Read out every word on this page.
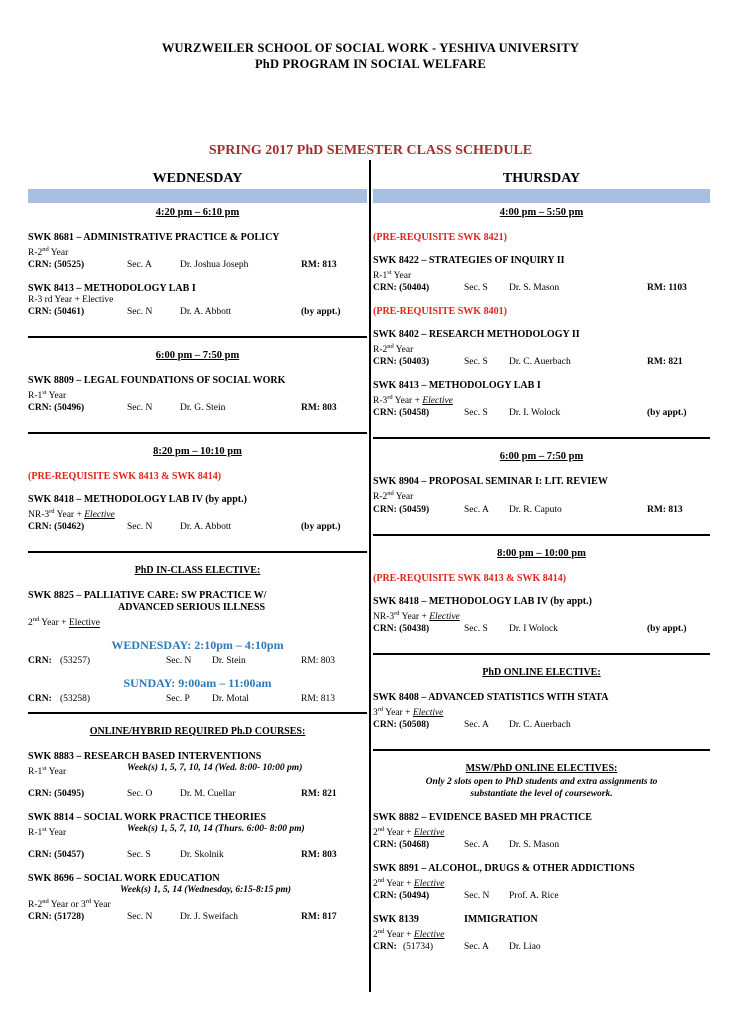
WURZWEILER SCHOOL OF SOCIAL WORK - YESHIVA UNIVERSITY
PhD PROGRAM IN SOCIAL WELFARE
SPRING 2017 PhD SEMESTER CLASS SCHEDULE
WEDNESDAY
4:20 pm – 6:10 pm
SWK 8681 – ADMINISTRATIVE PRACTICE & POLICY
R-2nd Year
CRN: (50525)	Sec. A	Dr. Joshua Joseph	RM: 813
SWK 8413 – METHODOLOGY LAB I
R-3 rd Year + Elective
CRN: (50461)	Sec. N	Dr. A. Abbott	(by appt.)
6:00 pm – 7:50 pm
SWK 8809 – LEGAL FOUNDATIONS OF SOCIAL WORK
R-1st Year
CRN: (50496)	Sec. N	Dr. G. Stein	RM: 803
8:20 pm – 10:10 pm
(PRE-REQUISITE SWK 8413 & SWK 8414)
SWK 8418 – METHODOLOGY LAB IV (by appt.)
NR-3rd Year + Elective
CRN: (50462)	Sec. N	Dr. A. Abbott	(by appt.)
PhD IN-CLASS ELECTIVE:
SWK 8825 – PALLIATIVE CARE: SW PRACTICE W/
ADVANCED SERIOUS ILLNESS
2nd Year + Elective
WEDNESDAY: 2:10pm – 4:10pm
CRN: (53257)	Sec. N Dr. Stein	RM: 803
SUNDAY: 9:00am – 11:00am
CRN: (53258)	Sec. P Dr. Motal	RM: 813
ONLINE/HYBRID REQUIRED Ph.D COURSES:
SWK 8883 – RESEARCH BASED INTERVENTIONS
R-1st Year	Week(s) 1, 5, 7, 10, 14 (Wed. 8:00- 10:00 pm)
CRN: (50495)	Sec. O	Dr. M. Cuellar	RM: 821
SWK 8814 – SOCIAL WORK PRACTICE THEORIES
R-1st Year	Week(s) 1, 5, 7, 10, 14 (Thurs. 6:00- 8:00 pm)
CRN: (50457)	Sec. S	Dr. Skolnik	RM: 803
SWK 8696 – SOCIAL WORK EDUCATION
Week(s) 1, 5, 14 (Wednesday, 6:15-8:15 pm)
R-2nd Year or 3rd Year
CRN: (51728)	Sec. N	Dr. J. Sweifach	RM: 817
THURSDAY
4:00 pm – 5:50 pm
(PRE-REQUISITE SWK 8421)
SWK 8422 – STRATEGIES OF INQUIRY II
R-1st Year
CRN: (50404)	Sec. S Dr. S. Mason	RM: 1103
(PRE-REQUISITE SWK 8401)
SWK 8402 – RESEARCH METHODOLOGY II
R-2nd Year
CRN: (50403)	Sec. S Dr. C. Auerbach	RM: 821
SWK 8413 – METHODOLOGY LAB I
R-3rd Year + Elective
CRN: (50458)	Sec. S Dr. I. Wolock	(by appt.)
6:00 pm – 7:50 pm
SWK 8904 – PROPOSAL SEMINAR I: LIT. REVIEW
R-2nd Year
CRN: (50459)	Sec. A Dr. R. Caputo	RM: 813
8:00 pm – 10:00 pm
(PRE-REQUISITE SWK 8413 & SWK 8414)
SWK 8418 – METHODOLOGY LAB IV (by appt.)
NR-3rd Year + Elective
CRN: (50438)	Sec. S Dr. I Wolock	(by appt.)
PhD ONLINE ELECTIVE:
SWK 8408 – ADVANCED STATISTICS WITH STATA
3rd Year + Elective
CRN: (50508)	Sec. A Dr. C. Auerbach
MSW/PhD ONLINE ELECTIVES:
Only 2 slots open to PhD students and extra assignments to
substantiate the level of coursework.
SWK 8882 – EVIDENCE BASED MH PRACTICE
2nd Year + Elective
CRN: (50468)	Sec. A Dr. S. Mason
SWK 8891 – ALCOHOL, DRUGS & OTHER ADDICTIONS
2nd Year + Elective
CRN: (50494)	Sec. N Prof. A. Rice
SWK 8139	IMMIGRATION
2nd Year + Elective
CRN: (51734)	Sec. A Dr. Liao
